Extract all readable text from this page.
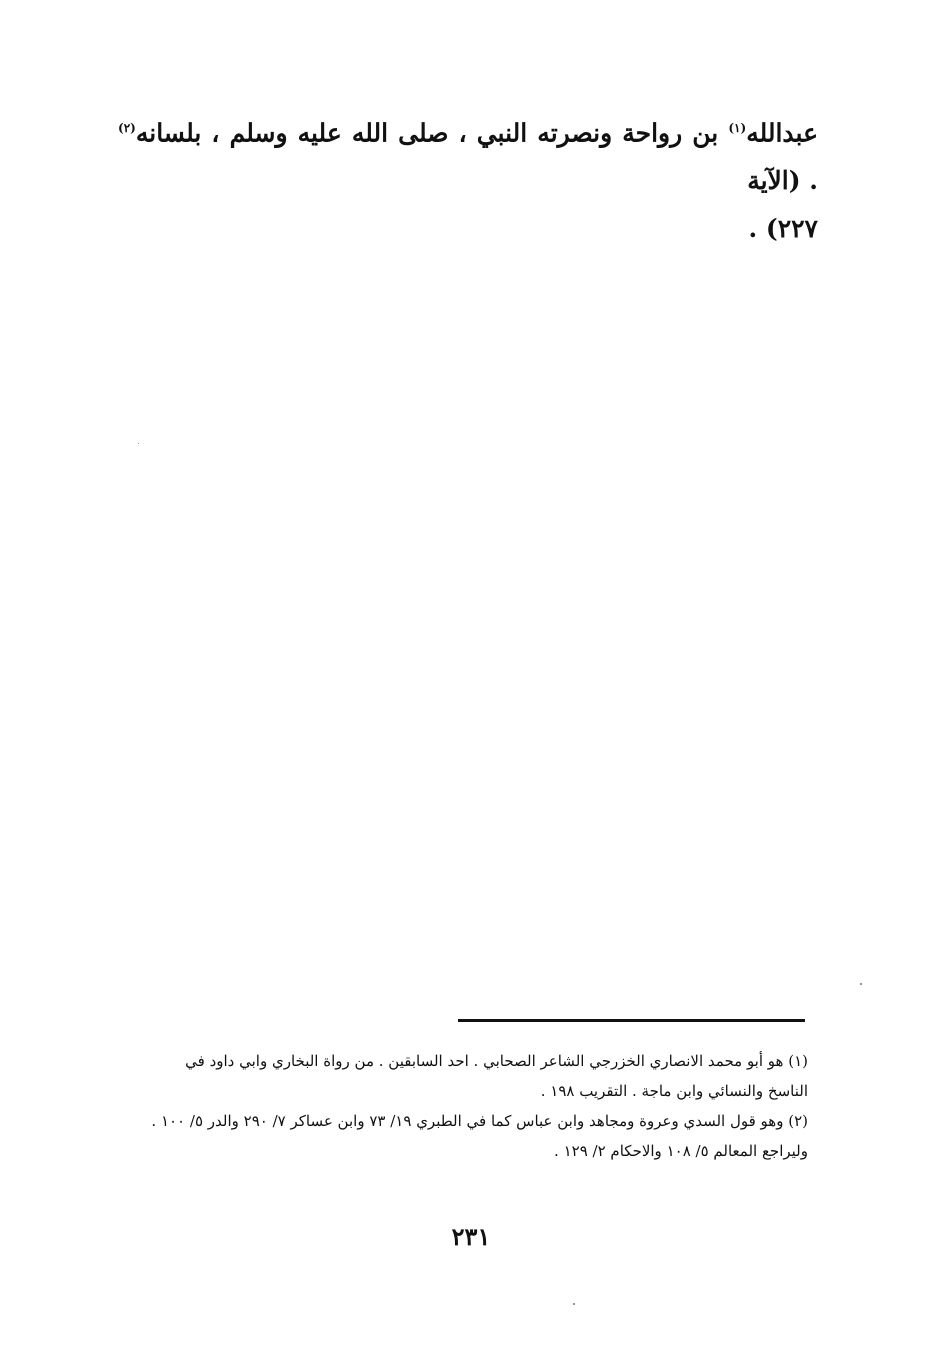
عبدالله$^{(١)}$ بن رواحة ونصرته النبي ، صلى الله عليه وسلم ، بلسانه$^{(٢)}$ . (الآية

٢٢٧) .

(١) هو أبو محمد الانصاري الخزرجي الشاعر الصحابي . احد السابقين . من رواة البخاري وابي داود في

الناسخ والنسائي وابن ماجة . التقريب ١٩٨ .

(٢) وهو قول السدي وعروة ومجاهد وابن عباس كما في الطبري ١٩/ ٧٣ وابن عساكر ٧/ ٢٩٠ والدر ٥/ ١٠٠ .

وليراجع المعالم ٥/ ١٠٨ والاحكام ٢/ ١٢٩ .

٢٣١
